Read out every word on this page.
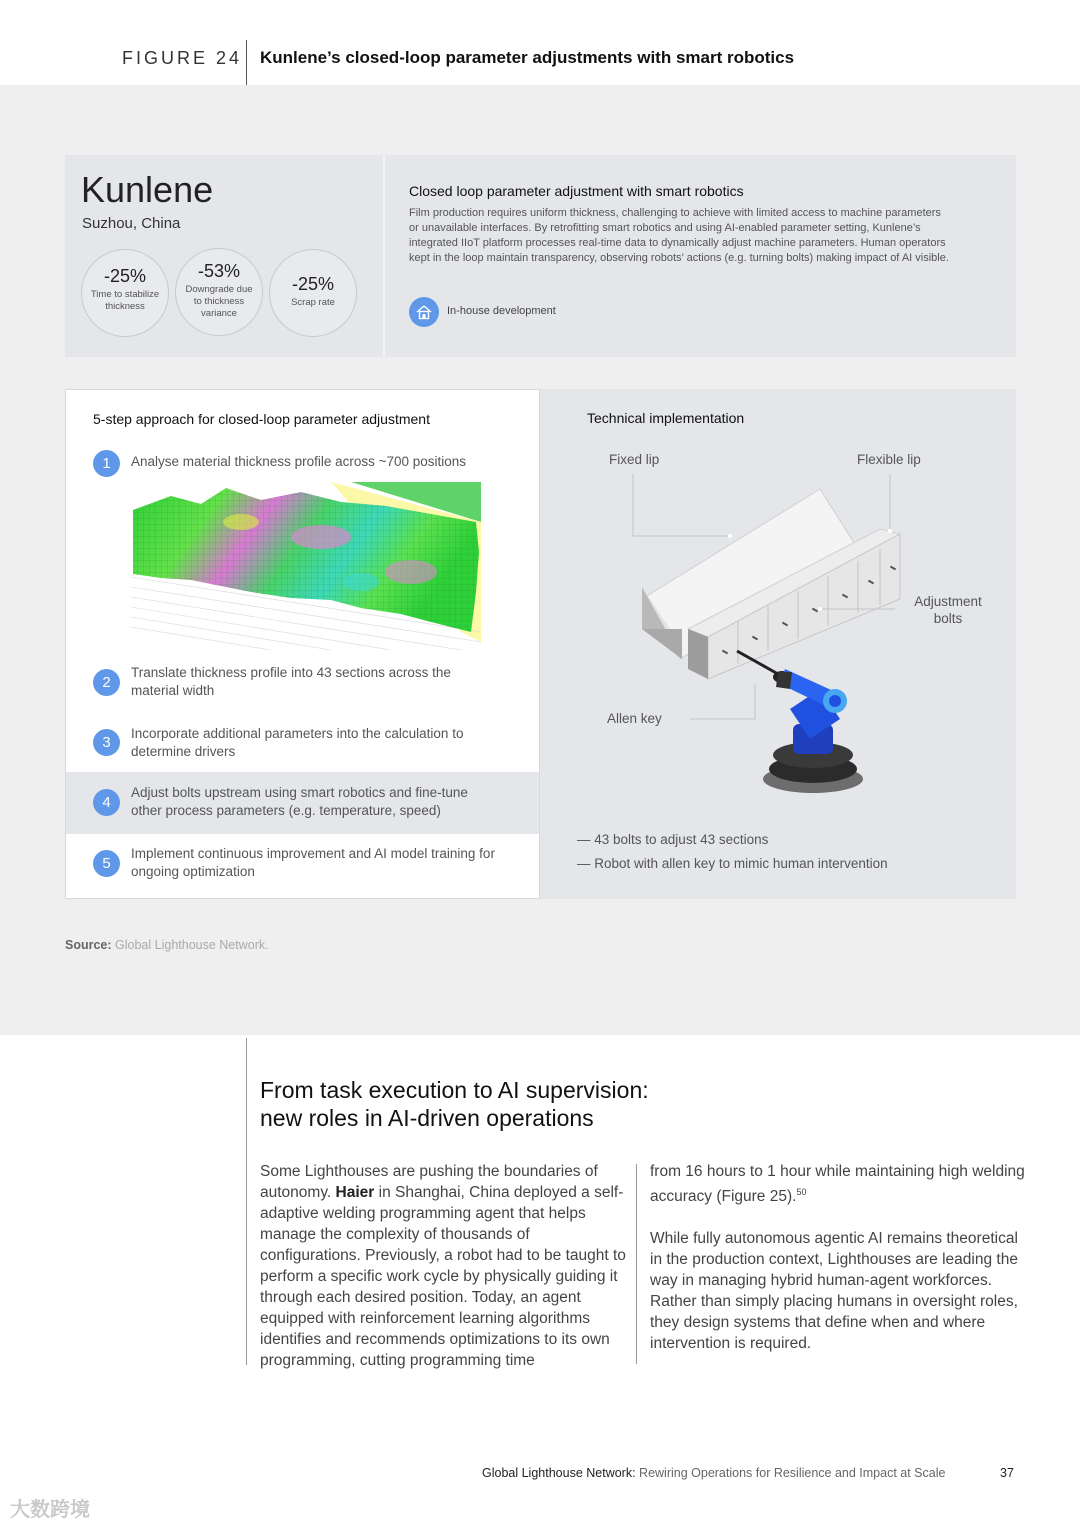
FIGURE 24 Kunlene’s closed-loop parameter adjustments with smart robotics
Kunlene
Suzhou, China
-25%
Time to stabilize thickness
-53%
Downgrade due to thickness variance
-25%
Scrap rate
Closed loop parameter adjustment with smart robotics
Film production requires uniform thickness, challenging to achieve with limited access to machine parameters or unavailable interfaces. By retrofitting smart robotics and using AI-enabled parameter setting, Kunlene’s integrated IIoT platform processes real-time data to dynamically adjust machine parameters. Human operators kept in the loop maintain transparency, observing robots’ actions (e.g. turning bolts) making impact of AI visible.
In-house development
5-step approach for closed-loop parameter adjustment
1	Analyse material thickness profile across ~700 positions
2
Translate thickness profile into 43 sections across the material width
3
Incorporate additional parameters into the calculation to determine drivers
4
Adjust bolts upstream using smart robotics and fine-tune other process parameters (e.g. temperature, speed)
5
Implement continuous improvement and AI model training for ongoing optimization
Technical implementation
Fixed lip	Flexible lip
Adjustment bolts
Allen key
— 43 bolts to adjust 43 sections
— Robot with allen key to mimic human intervention
Source: Global Lighthouse Network.
From task execution to AI supervision:
new roles in AI-driven operations
Some Lighthouses are pushing the boundaries of autonomy. Haier in Shanghai, China deployed a self-adaptive welding programming agent that helps manage the complexity of thousands of configurations. Previously, a robot had to be taught to perform a specific work cycle by physically guiding it through each desired position. Today, an agent equipped with reinforcement learning algorithms identifies and recommends optimizations to its own programming, cutting programming time

from 16 hours to 1 hour while maintaining high welding accuracy (Figure 25).$^{50}$

While fully autonomous agentic AI remains theoretical in the production context, Lighthouses are leading the way in managing hybrid human-agent workforces. Rather than simply placing humans in oversight roles, they design systems that define when and where intervention is required.

Global Lighthouse Network: Rewiring Operations for Resilience and Impact at Scale	37
大数跨境
